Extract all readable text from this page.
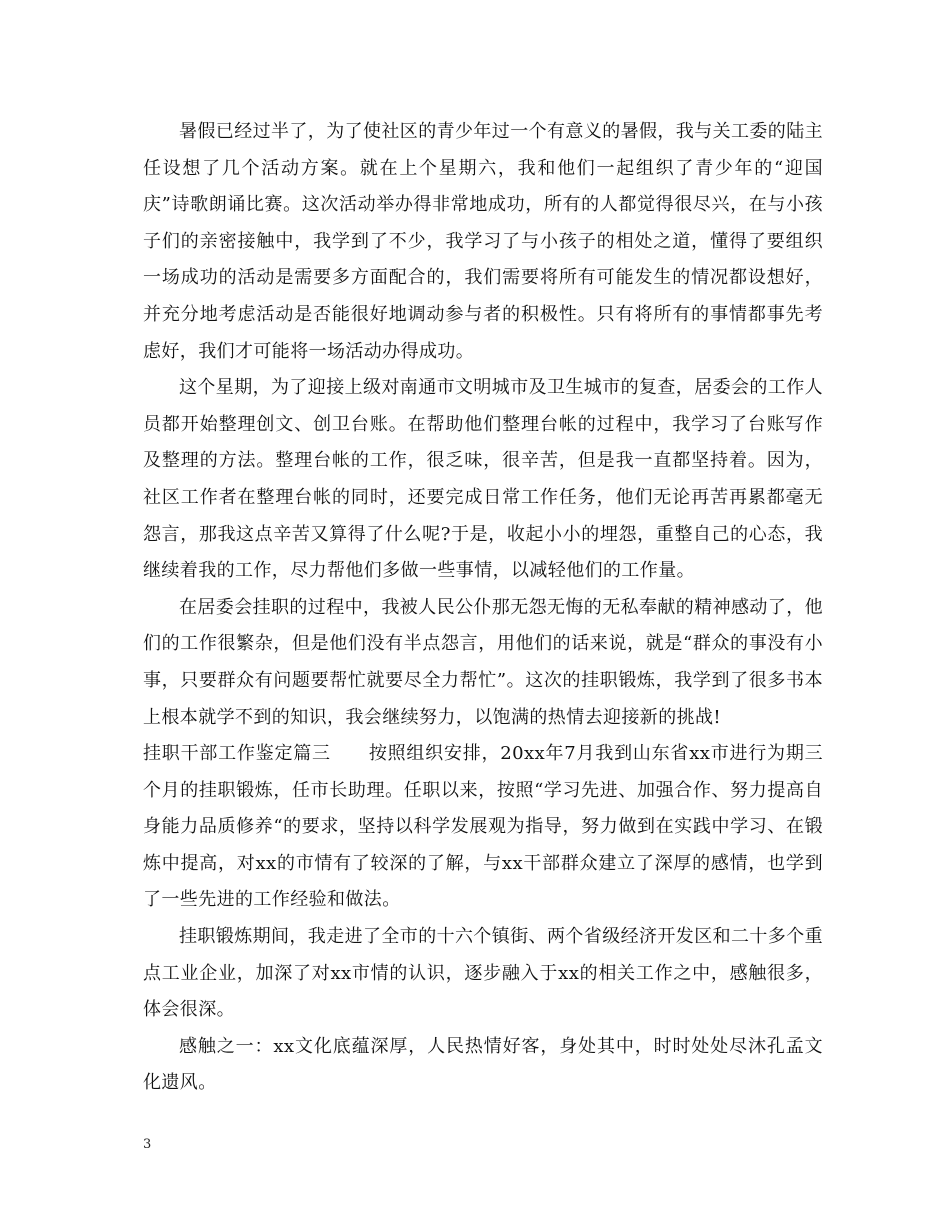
暑假已经过半了，为了使社区的青少年过一个有意义的暑假，我与关工委的陆主任设想了几个活动方案。就在上个星期六，我和他们一起组织了青少年的“迎国庆”诗歌朗诵比赛。这次活动举办得非常地成功，所有的人都觉得很尽兴，在与小孩子们的亲密接触中，我学到了不少，我学习了与小孩子的相处之道，懂得了要组织一场成功的活动是需要多方面配合的，我们需要将所有可能发生的情况都设想好，并充分地考虑活动是否能很好地调动参与者的积极性。只有将所有的事情都事先考虑好，我们才可能将一场活动办得成功。

这个星期，为了迎接上级对南通市文明城市及卫生城市的复查，居委会的工作人员都开始整理创文、创卫台账。在帮助他们整理台帐的过程中，我学习了台账写作及整理的方法。整理台帐的工作，很乏味，很辛苦，但是我一直都坚持着。因为，社区工作者在整理台帐的同时，还要完成日常工作任务，他们无论再苦再累都毫无怨言，那我这点辛苦又算得了什么呢?于是，收起小小的埋怨，重整自己的心态，我继续着我的工作，尽力帮他们多做一些事情，以减轻他们的工作量。

在居委会挂职的过程中，我被人民公仆那无怨无悔的无私奉献的精神感动了，他们的工作很繁杂，但是他们没有半点怨言，用他们的话来说，就是“群众的事没有小事，只要群众有问题要帮忙就要尽全力帮忙”。这次的挂职锻炼，我学到了很多书本上根本就学不到的知识，我会继续努力，以饱满的热情去迎接新的挑战!

挂职干部工作鉴定篇三 按照组织安排，20xx年7月我到山东省xx市进行为期三个月的挂职锻炼，任市长助理。任职以来，按照“学习先进、加强合作、努力提高自身能力品质修养“的要求，坚持以科学发展观为指导，努力做到在实践中学习、在锻炼中提高，对xx的市情有了较深的了解，与xx干部群众建立了深厚的感情，也学到了一些先进的工作经验和做法。

挂职锻炼期间，我走进了全市的十六个镇街、两个省级经济开发区和二十多个重点工业企业，加深了对xx市情的认识，逐步融入于xx的相关工作之中，感触很多，体会很深。

感触之一：xx文化底蕴深厚，人民热情好客，身处其中，时时处处尽沐孔孟文化遗风。

3
